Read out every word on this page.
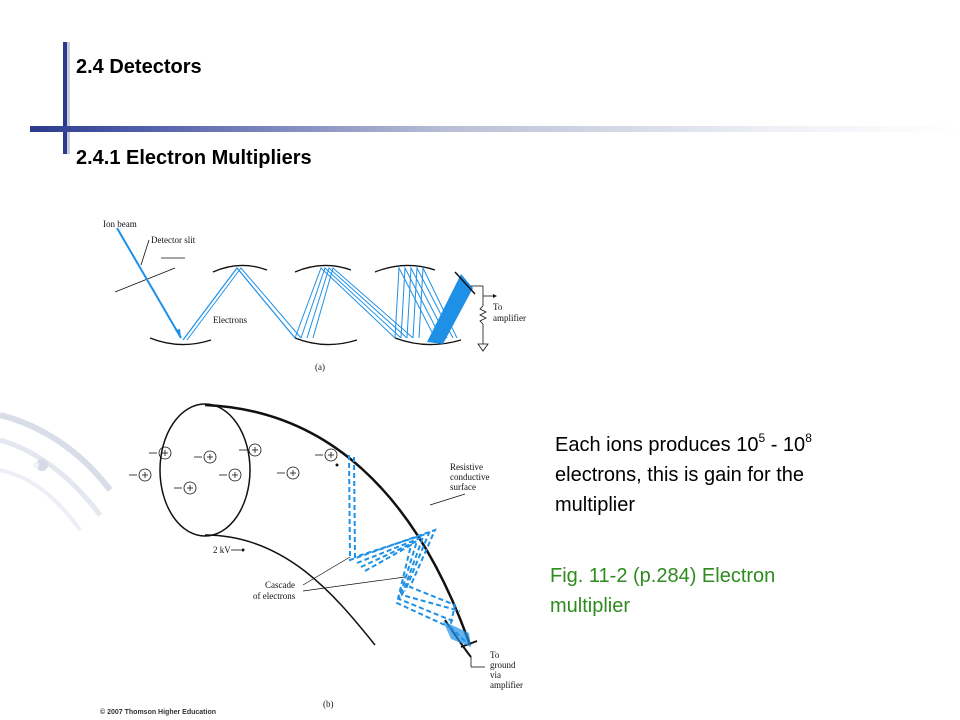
2.4 Detectors
2.4.1 Electron Multipliers
Ion beam
Detector slit
Electrons
To
amplifier
(a)
Resistive
conductive
surface
2 kV
Cascade
of electrons
To
ground
via
amplifier
(b)
Each ions produces $10^5 - 10^8$
electrons, this is gain for the
multiplier
Fig. 11-2 (p.284) Electron
multiplier
© 2007 Thomson Higher Education
